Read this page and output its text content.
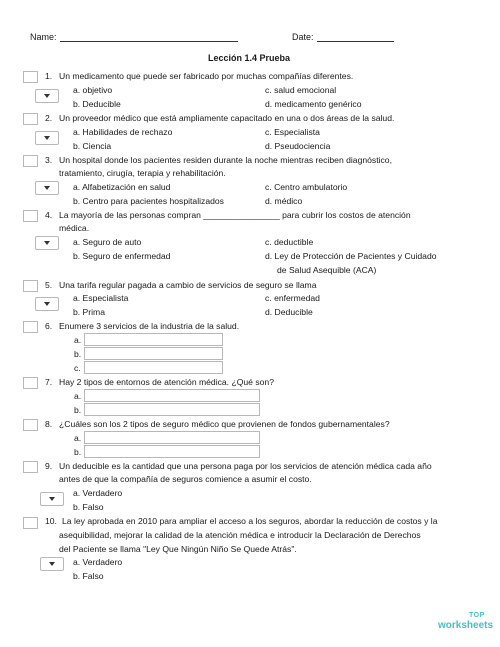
Name:	Date:
Lección 1.4 Prueba
1. Un medicamento que puede ser fabricado por muchas compañías diferentes.
a. objetivo
b. Deducible
c. salud emocional
d. medicamento genérico
2. Un proveedor médico que está ampliamente capacitado en una o dos áreas de la salud.
a. Habilidades de rechazo
b. Ciencia
c. Especialista
d. Pseudociencia
3. Un hospital donde los pacientes residen durante la noche mientras reciben diagnóstico,
tratamiento, cirugía, terapia y rehabilitación.
a. Alfabetización en salud
b. Centro para pacientes hospitalizados
c. Centro ambulatorio
d. médico
4. La mayoría de las personas compran ________________ para cubrir los costos de atención
médica.
a. Seguro de auto
b. Seguro de enfermedad
c. deductible
d. Ley de Protección de Pacientes y Cuidado
de Salud Asequible (ACA)
5. Una tarifa regular pagada a cambio de servicios de seguro se llama
a. Especialista
b. Prima
c. enfermedad
d. Deducible
6. Enumere 3 servicios de la industria de la salud.
a.
b.
c.
7. Hay 2 tipos de entornos de atención médica. ¿Qué son?
a.
b.
8. ¿Cuáles son los 2 tipos de seguro médico que provienen de fondos gubernamentales?
a.
b.
9. Un deducible es la cantidad que una persona paga por los servicios de atención médica cada año
antes de que la compañía de seguros comience a asumir el costo.
a. Verdadero
b. Falso
10. La ley aprobada en 2010 para ampliar el acceso a los seguros, abordar la reducción de costos y la
asequibilidad, mejorar la calidad de la atención médica e introducir la Declaración de Derechos
del Paciente se llama "Ley Que Ningún Niño Se Quede Atrás".
a. Verdadero
b. Falso
TOP
worksheets
